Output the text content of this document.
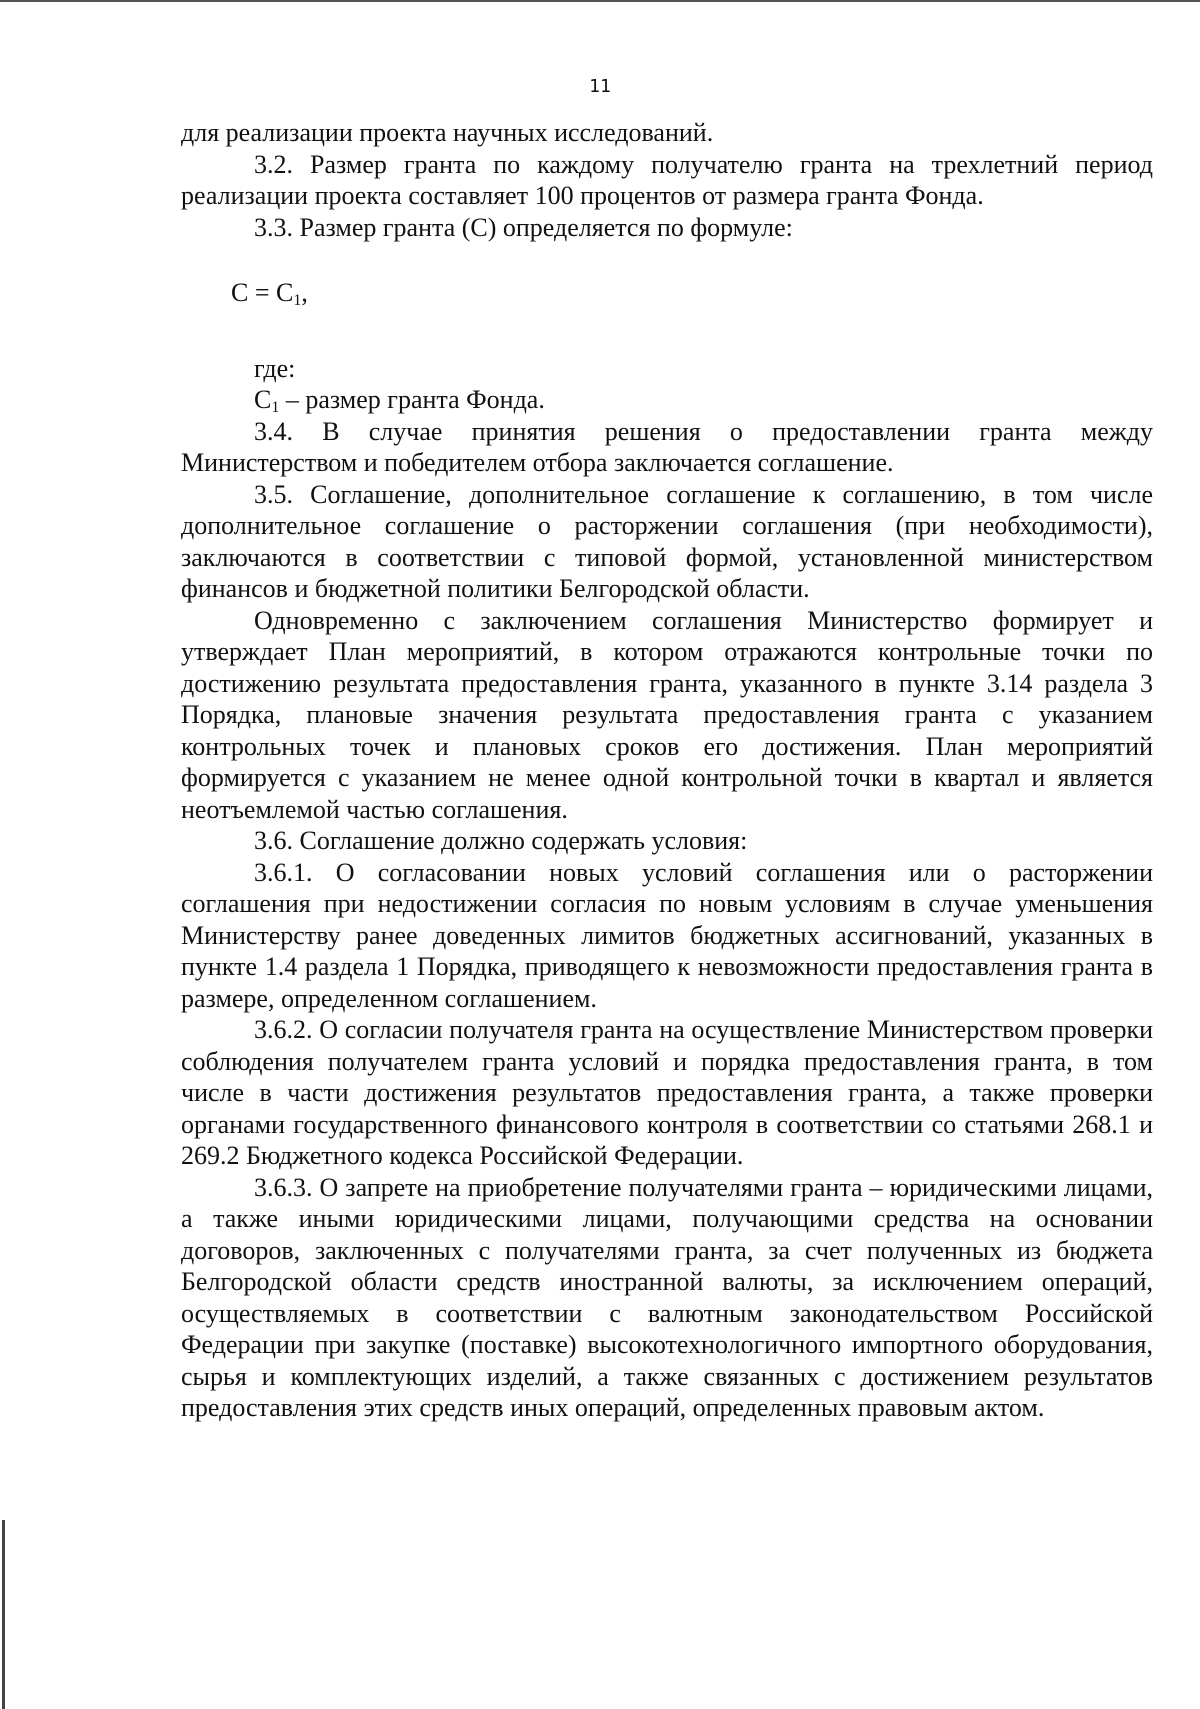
11

для реализации проекта научных исследований.

3.2. Размер гранта по каждому получателю гранта на трехлетний период реализации проекта составляет 100 процентов от размера гранта Фонда.

3.3. Размер гранта (С) определяется по формуле:

$С = С_1$,

где:

$С_1$ – размер гранта Фонда.

3.4. В случае принятия решения о предоставлении гранта между Министерством и победителем отбора заключается соглашение.

3.5. Соглашение, дополнительное соглашение к соглашению, в том числе дополнительное соглашение о расторжении соглашения (при необходимости), заключаются в соответствии с типовой формой, установленной министерством финансов и бюджетной политики Белгородской области.

Одновременно с заключением соглашения Министерство формирует и утверждает План мероприятий, в котором отражаются контрольные точки по достижению результата предоставления гранта, указанного в пункте 3.14 раздела 3 Порядка, плановые значения результата предоставления гранта с указанием контрольных точек и плановых сроков его достижения. План мероприятий формируется с указанием не менее одной контрольной точки в квартал и является неотъемлемой частью соглашения.

3.6. Соглашение должно содержать условия:

3.6.1. О согласовании новых условий соглашения или о расторжении соглашения при недостижении согласия по новым условиям в случае уменьшения Министерству ранее доведенных лимитов бюджетных ассигнований, указанных в пункте 1.4 раздела 1 Порядка, приводящего к невозможности предоставления гранта в размере, определенном соглашением.

3.6.2. О согласии получателя гранта на осуществление Министерством проверки соблюдения получателем гранта условий и порядка предоставления гранта, в том числе в части достижения результатов предоставления гранта, а также проверки органами государственного финансового контроля в соответствии со статьями 268.1 и 269.2 Бюджетного кодекса Российской Федерации.

3.6.3. О запрете на приобретение получателями гранта – юридическими лицами, а также иными юридическими лицами, получающими средства на основании договоров, заключенных с получателями гранта, за счет полученных из бюджета Белгородской области средств иностранной валюты, за исключением операций, осуществляемых в соответствии с валютным законодательством Российской Федерации при закупке (поставке) высокотехнологичного импортного оборудования, сырья и комплектующих изделий, а также связанных с достижением результатов предоставления этих средств иных операций, определенных правовым актом.
